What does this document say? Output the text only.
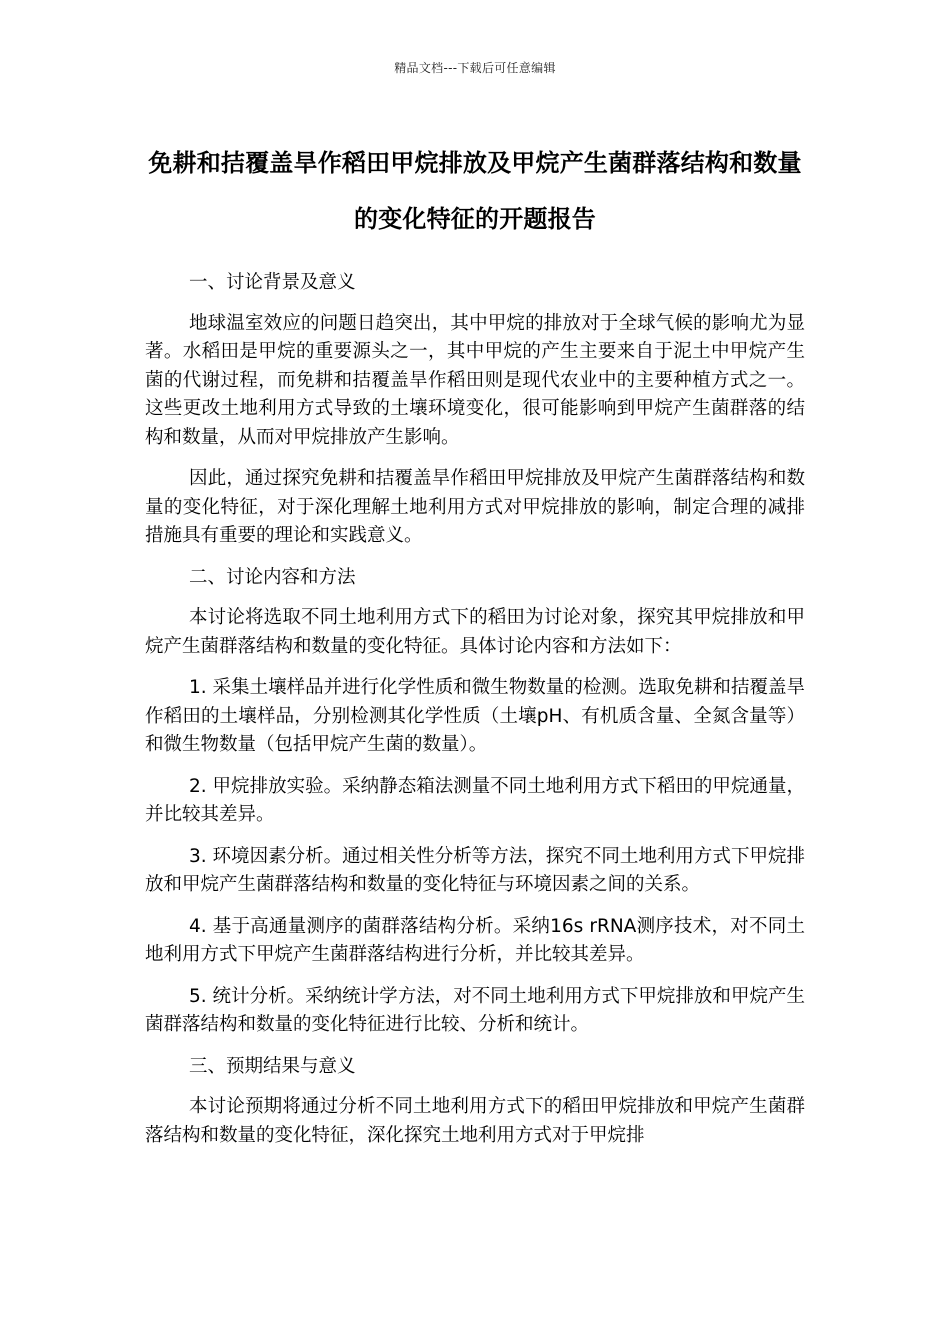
精品文档---下载后可任意编辑
免耕和拮覆盖旱作稻田甲烷排放及甲烷产生菌群落结构和数量的变化特征的开题报告

一、讨论背景及意义

地球温室效应的问题日趋突出，其中甲烷的排放对于全球气候的影响尤为显著。水稻田是甲烷的重要源头之一，其中甲烷的产生主要来自于泥土中甲烷产生菌的代谢过程，而免耕和拮覆盖旱作稻田则是现代农业中的主要种植方式之一。这些更改土地利用方式导致的土壤环境变化，很可能影响到甲烷产生菌群落的结构和数量，从而对甲烷排放产生影响。

因此，通过探究免耕和拮覆盖旱作稻田甲烷排放及甲烷产生菌群落结构和数量的变化特征，对于深化理解土地利用方式对甲烷排放的影响，制定合理的减排措施具有重要的理论和实践意义。

二、讨论内容和方法

本讨论将选取不同土地利用方式下的稻田为讨论对象，探究其甲烷排放和甲烷产生菌群落结构和数量的变化特征。具体讨论内容和方法如下：

1. 采集土壤样品并进行化学性质和微生物数量的检测。选取免耕和拮覆盖旱作稻田的土壤样品，分别检测其化学性质（土壤pH、有机质含量、全氮含量等）和微生物数量（包括甲烷产生菌的数量）。

2. 甲烷排放实验。采纳静态箱法测量不同土地利用方式下稻田的甲烷通量，并比较其差异。

3. 环境因素分析。通过相关性分析等方法，探究不同土地利用方式下甲烷排放和甲烷产生菌群落结构和数量的变化特征与环境因素之间的关系。

4. 基于高通量测序的菌群落结构分析。采纳16s rRNA测序技术，对不同土地利用方式下甲烷产生菌群落结构进行分析，并比较其差异。

5. 统计分析。采纳统计学方法，对不同土地利用方式下甲烷排放和甲烷产生菌群落结构和数量的变化特征进行比较、分析和统计。

三、预期结果与意义

本讨论预期将通过分析不同土地利用方式下的稻田甲烷排放和甲烷产生菌群落结构和数量的变化特征，深化探究土地利用方式对于甲烷排
